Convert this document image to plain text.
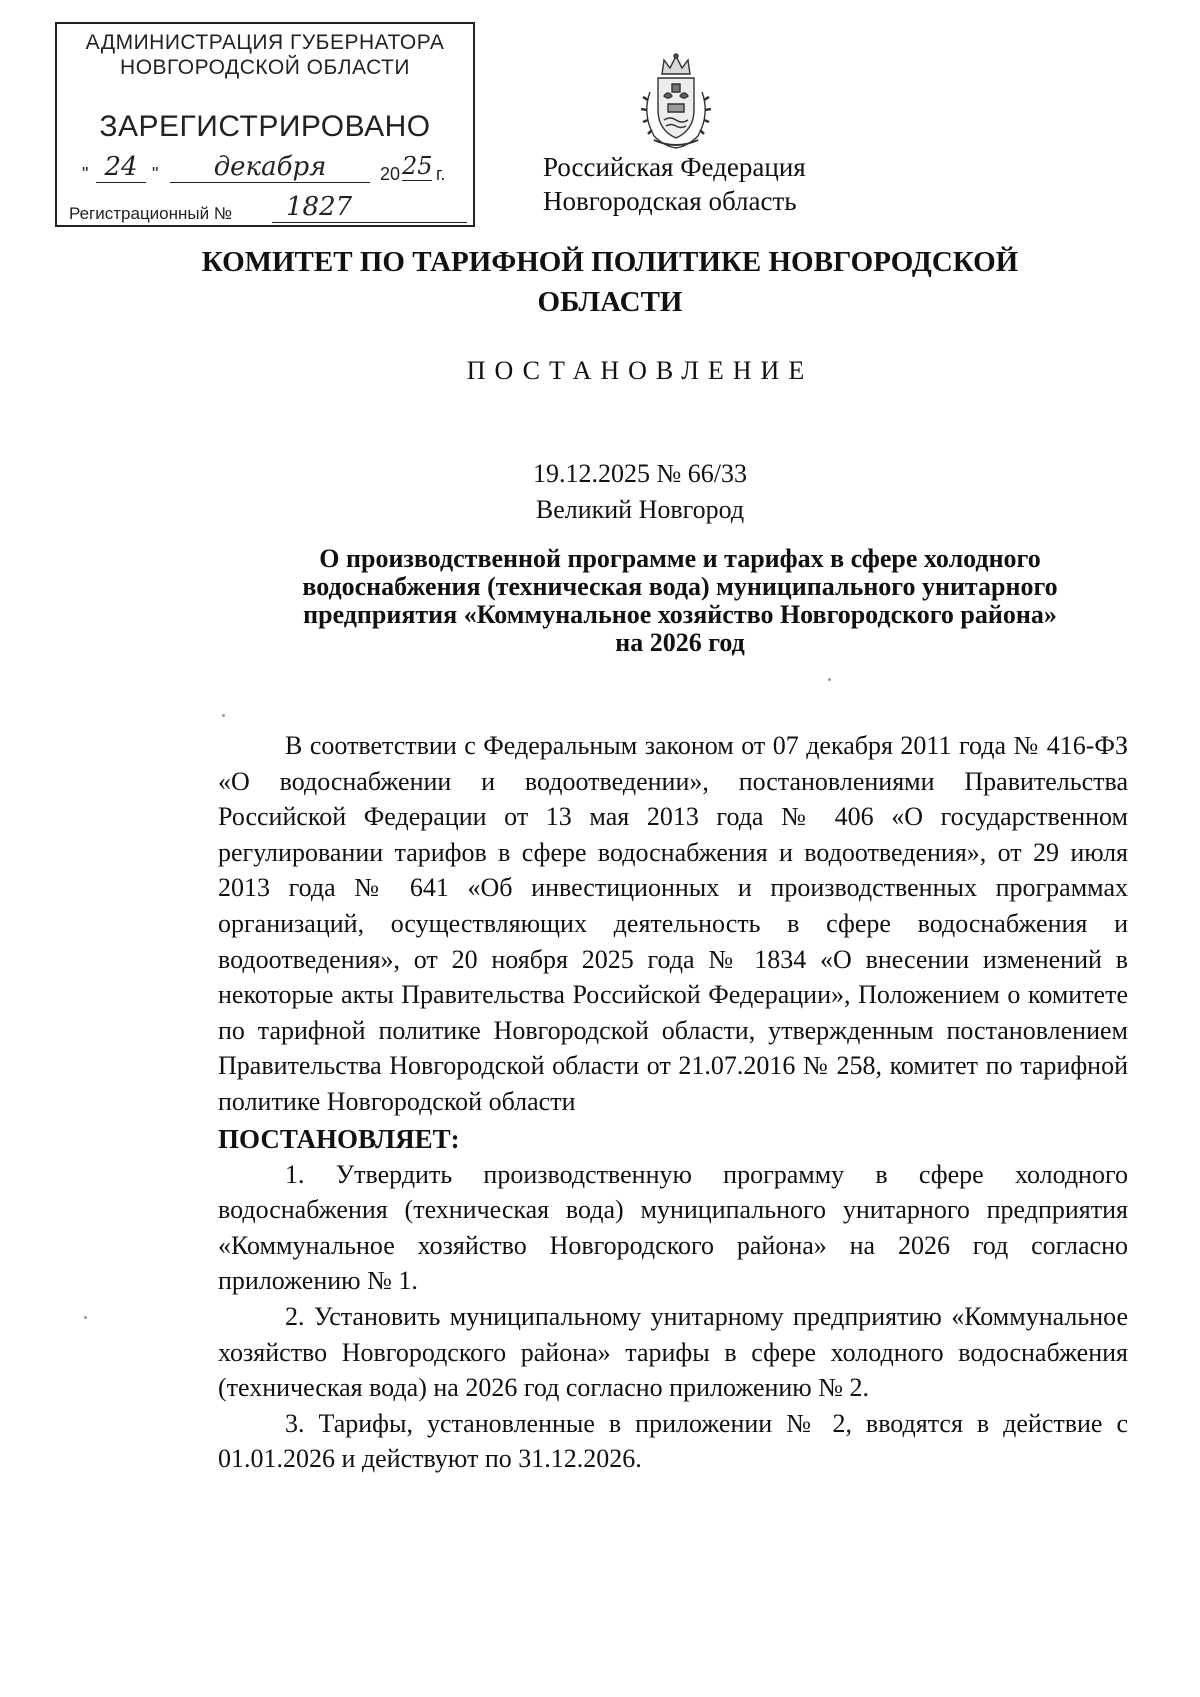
АДМИНИСТРАЦИЯ ГУБЕРНАТОРА
НОВГОРОДСКОЙ ОБЛАСТИ
ЗАРЕГИСТРИРОВАНО
" 24 "	декабря	20 25 г.
Регистрационный №	1827
Российская Федерация
Новгородская область
КОМИТЕТ ПО ТАРИФНОЙ ПОЛИТИКЕ НОВГОРОДСКОЙ
ОБЛАСТИ
ПОСТАНОВЛЕНИЕ
19.12.2025 № 66/33
Великий Новгород
О производственной программе и тарифах в сфере холодного
водоснабжения (техническая вода) муниципального унитарного
предприятия «Коммунальное хозяйство Новгородского района»
на 2026 год

В соответствии с Федеральным законом от 07 декабря 2011 года № 416-ФЗ «О водоснабжении и водоотведении», постановлениями Правительства Российской Федерации от 13 мая 2013 года № 406 «О государственном регулировании тарифов в сфере водоснабжения и водоотведения», от 29 июля 2013 года № 641 «Об инвестиционных и производственных программах организаций, осуществляющих деятельность в сфере водоснабжения и водоотведения», от 20 ноября 2025 года № 1834 «О внесении изменений в некоторые акты Правительства Российской Федерации», Положением о комитете по тарифной политике Новгородской области, утвержденным постановлением Правительства Новгородской области от 21.07.2016 № 258, комитет по тарифной политике Новгородской области

ПОСТАНОВЛЯЕТ:

1. Утвердить производственную программу в сфере холодного водоснабжения (техническая вода) муниципального унитарного предприятия «Коммунальное хозяйство Новгородского района» на 2026 год согласно приложению № 1.

2. Установить муниципальному унитарному предприятию «Коммунальное хозяйство Новгородского района» тарифы в сфере холодного водоснабжения (техническая вода) на 2026 год согласно приложению № 2.

3. Тарифы, установленные в приложении № 2, вводятся в действие с 01.01.2026 и действуют по 31.12.2026.
